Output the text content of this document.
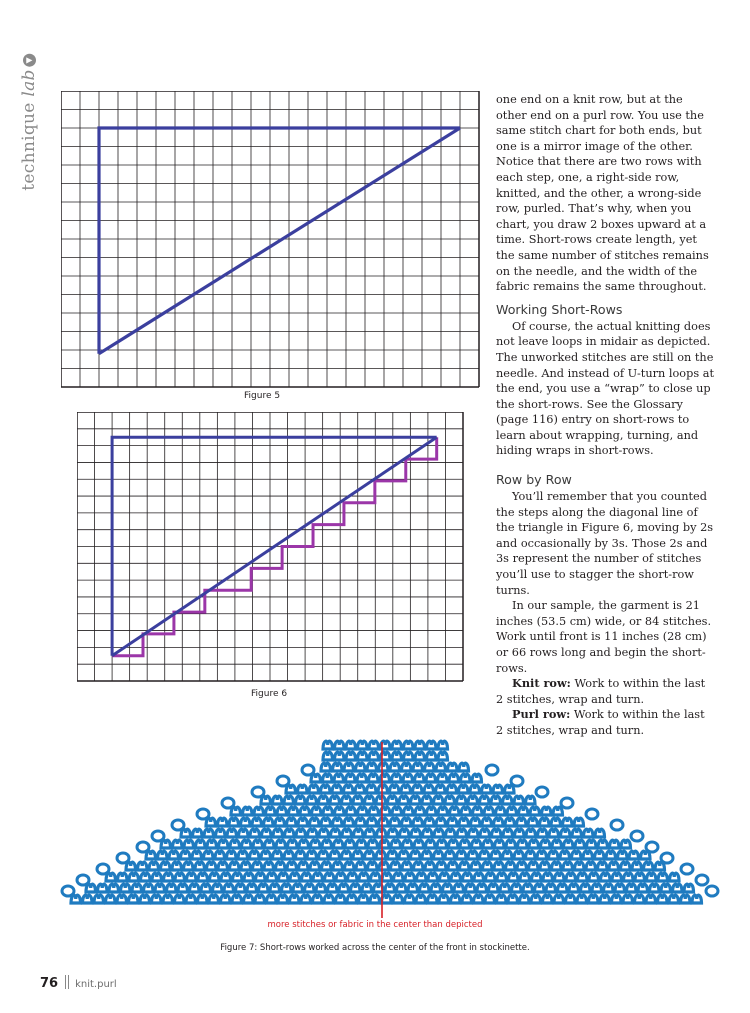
technique lab▶
Figure 5
Figure 6

one end on a knit row, but at the other end on a purl row. You use the same stitch chart for both ends, but one is a mirror image of the other. Notice that there are two rows with each step, one, a right-side row, knitted, and the other, a wrong-side row, purled. That’s why, when you chart, you draw 2 boxes upward at a time. Short-rows create length, yet the same number of stitches remains on the needle, and the width of the fabric remains the same throughout.

Working Short-Rows

Of course, the actual knitting does not leave loops in midair as depicted. The unworked stitches are still on the needle. And instead of U-turn loops at the end, you use a “wrap” to close up the short-rows. See the Glossary (page 116) entry on short-rows to learn about wrapping, turning, and hiding wraps in short-rows.

Row by Row

You’ll remember that you counted the steps along the diagonal line of the triangle in Figure 6, moving by 2s and occasionally by 3s. Those 2s and 3s represent the number of stitches you’ll use to stagger the short-row turns.

In our sample, the garment is 21 inches (53.5 cm) wide, or 84 stitches. Work until front is 11 inches (28 cm) or 66 rows long and begin the short-rows.

Knit row: Work to within the last 2 stitches, wrap and turn.

Purl row: Work to within the last 2 stitches, wrap and turn.

more stitches or fabric in the center than depicted
Figure 7: Short-rows worked across the center of the front in stockinette.
76 knit.purl
